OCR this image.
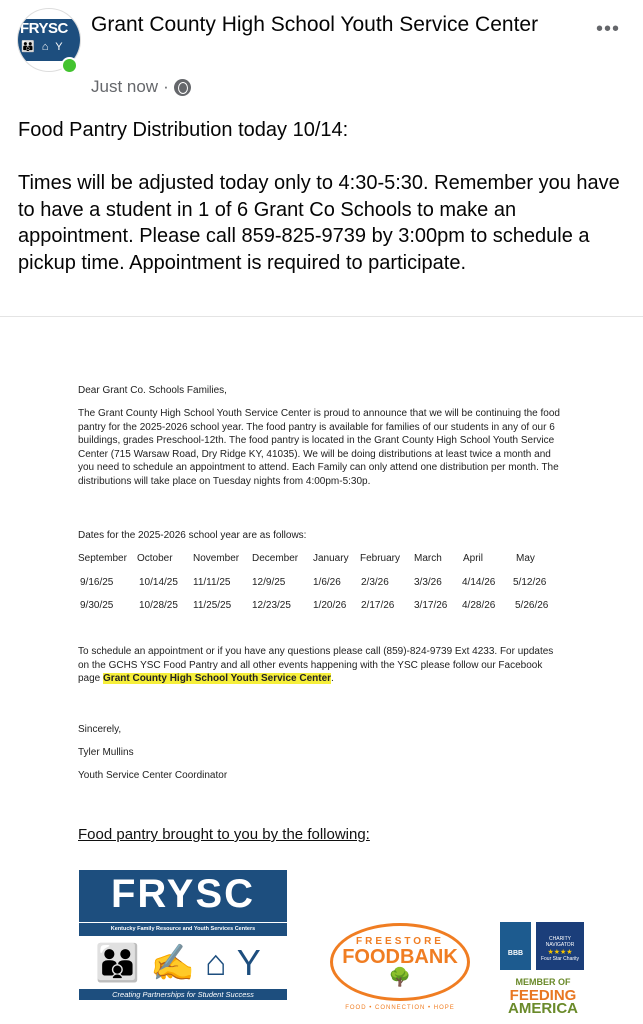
FRYSC
👪 ⌂ Y
Grant County High School Youth Service Center
Just now ·
•••
Food Pantry Distribution today 10/14:
Times will be adjusted today only to 4:30-5:30. Remember you have to have a student in 1 of 6 Grant Co Schools to make an appointment. Please call 859-825-9739 by 3:00pm to schedule a pickup time. Appointment is required to participate.
Dear Grant Co. Schools Families,
The Grant County High School Youth Service Center is proud to announce that we will be continuing the food pantry for the 2025-2026 school year. The food pantry is available for families of our students in any of our 6 buildings, grades Preschool-12th. The food pantry is located in the Grant County High School Youth Service Center (715 Warsaw Road, Dry Ridge KY, 41035). We will be doing distributions at least twice a month and you need to schedule an appointment to attend. Each Family can only attend one distribution per month. The distributions will take place on Tuesday nights from 4:00pm-5:30p.
Dates for the 2025-2026 school year are as follows:
September October November December January February March April	May
9/16/25	10/14/25 11/11/25 12/9/25	1/6/26 2/3/26	3/3/26 4/14/26 5/12/26
9/30/25	10/28/25 11/25/25 12/23/25 1/20/26 2/17/26 3/17/26 4/28/26 5/26/26
To schedule an appointment or if you have any questions please call (859)-824-9739 Ext 4233. For updates on the GCHS YSC Food Pantry and all other events happening with the YSC please follow our Facebook page Grant County High School Youth Service Center.
Sincerely,
Tyler Mullins
Youth Service Center Coordinator
Food pantry brought to you by the following:
FRYSC
Kentucky Family Resource and Youth Services Centers
👪✍⌂Y
Creating Partnerships for Student Success
FREESTORE
FOODBANK
🌳
FOOD • CONNECTION • HOPE
BBB
CHARITY NAVIGATOR
★★★★
Four Star Charity
MEMBER OF
FEEDING
AMERICA
